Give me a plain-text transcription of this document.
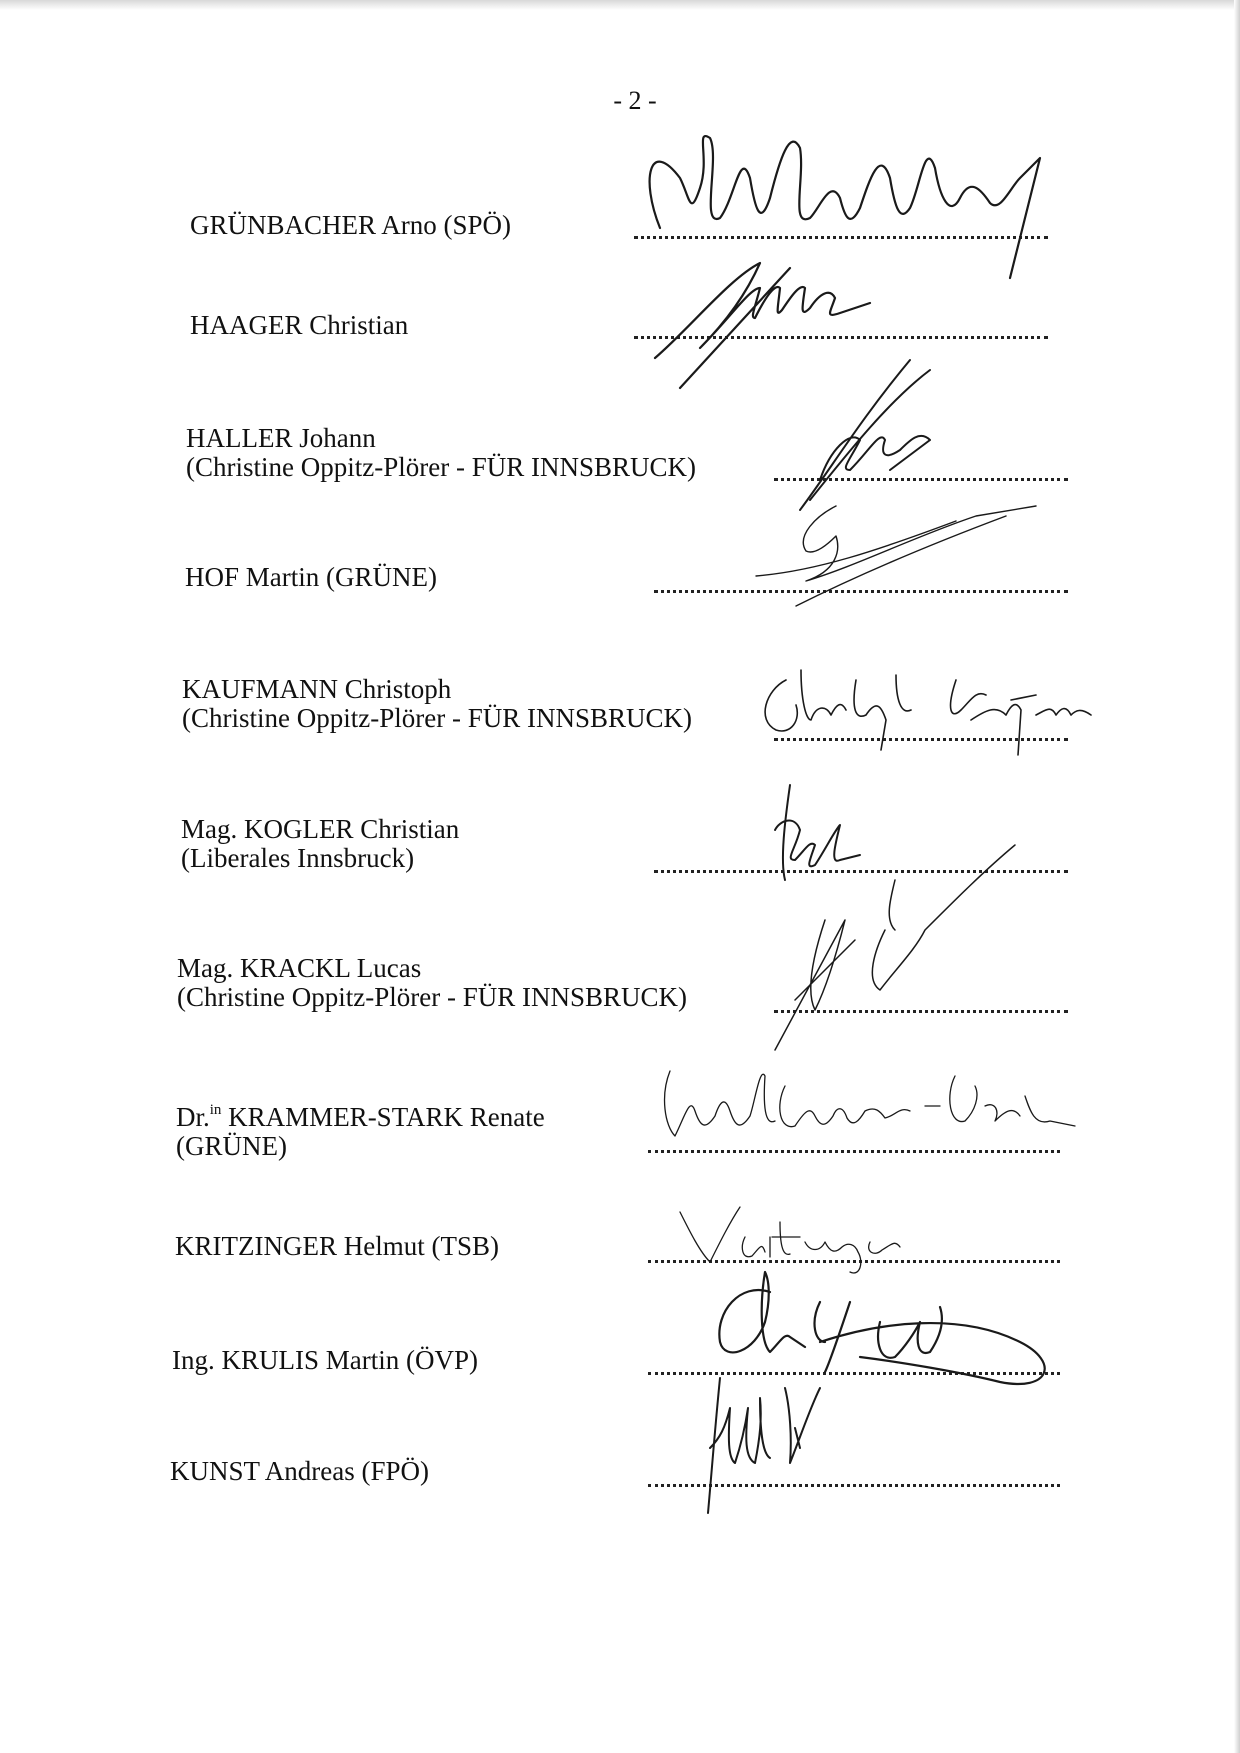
- 2 -
GRÜNBACHER Arno (SPÖ)
HAAGER Christian
HALLER Johann
(Christine Oppitz-Plörer - FÜR INNSBRUCK)
HOF Martin (GRÜNE)
KAUFMANN Christoph
(Christine Oppitz-Plörer - FÜR INNSBRUCK)
Mag. KOGLER Christian
(Liberales Innsbruck)
Mag. KRACKL Lucas
(Christine Oppitz-Plörer - FÜR INNSBRUCK)
Dr.$^{in}$ KRAMMER-STARK Renate
(GRÜNE)
KRITZINGER Helmut (TSB)
Ing. KRULIS Martin (ÖVP)
KUNST Andreas (FPÖ)
